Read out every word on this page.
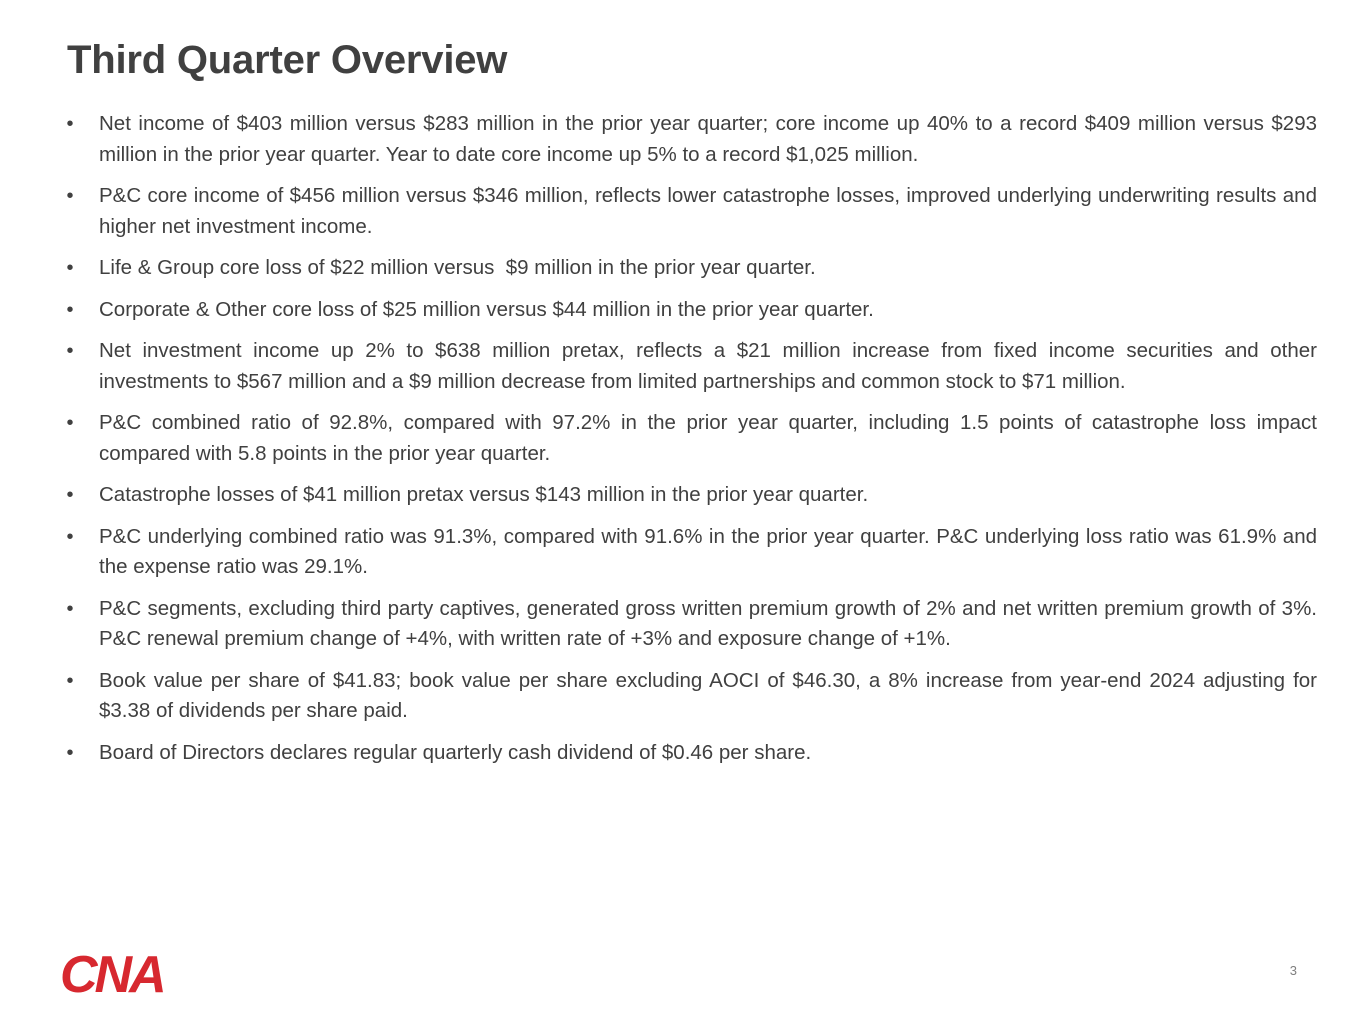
Third Quarter Overview
• Net income of $403 million versus $283 million in the prior year quarter; core income up 40% to a record $409 million versus $293 million in the prior year quarter. Year to date core income up 5% to a record $1,025 million.
• P&C core income of $456 million versus $346 million, reflects lower catastrophe losses, improved underlying underwriting results and higher net investment income.
• Life & Group core loss of $22 million versus  $9 million in the prior year quarter.
• Corporate & Other core loss of $25 million versus $44 million in the prior year quarter.
• Net investment income up 2% to $638 million pretax, reflects a $21 million increase from fixed income securities and other investments to $567 million and a $9 million decrease from limited partnerships and common stock to $71 million.
• P&C combined ratio of 92.8%, compared with 97.2% in the prior year quarter, including 1.5 points of catastrophe loss impact compared with 5.8 points in the prior year quarter.
• Catastrophe losses of $41 million pretax versus $143 million in the prior year quarter.
• P&C underlying combined ratio was 91.3%, compared with 91.6% in the prior year quarter. P&C underlying loss ratio was 61.9% and the expense ratio was 29.1%.
• P&C segments, excluding third party captives, generated gross written premium growth of 2% and net written premium growth of 3%. P&C renewal premium change of +4%, with written rate of +3% and exposure change of +1%.
• Book value per share of $41.83; book value per share excluding AOCI of $46.30, a 8% increase from year-end 2024 adjusting for $3.38 of dividends per share paid.
• Board of Directors declares regular quarterly cash dividend of $0.46 per share.
CNA	3
